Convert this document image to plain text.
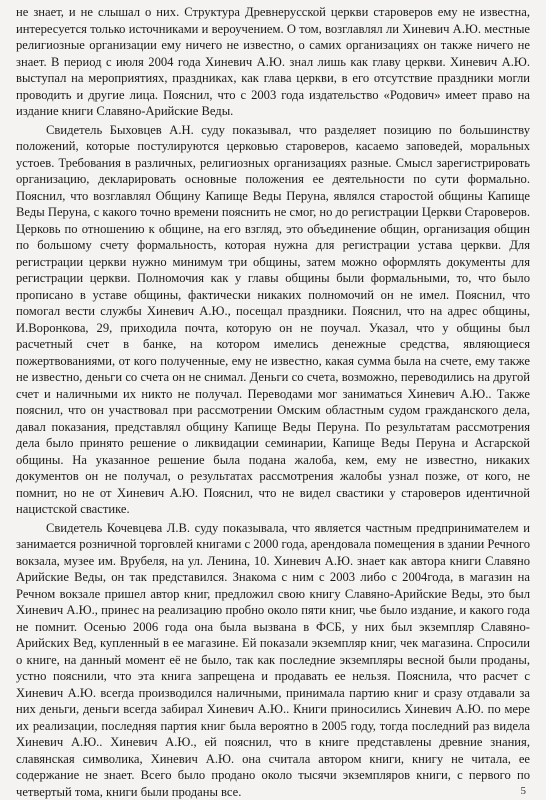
не знает, и не слышал о них. Структура Древнерусской церкви староверов ему не известна, интересуется только источниками и вероучением. О том, возглавлял ли Хиневич А.Ю. местные религиозные организации ему ничего не известно, о самих организациях он также ничего не знает. В период с июля 2004 года Хиневич А.Ю. знал лишь как главу церкви. Хиневич А.Ю. выступал на мероприятиях, праздниках, как глава церкви, в его отсутствие праздники могли проводить и другие лица. Пояснил, что с 2003 года издательство «Родович» имеет право на издание книги Славяно-Арийские Веды.

Свидетель Быховцев А.Н. суду показывал, что разделяет позицию по большинству положений, которые постулируются церковью староверов, касаемо заповедей, моральных устоев. Требования в различных, религиозных организациях разные. Смысл зарегистрировать организацию, декларировать основные положения ее деятельности по сути формально. Пояснил, что возглавлял Общину Капище Веды Перуна, являлся старостой общины Капище Веды Перуна, с какого точно времени пояснить не смог, но до регистрации Церкви Староверов. Церковь по отношению к общине, на его взгляд, это объединение общин, организация общин по большому счету формальность, которая нужна для регистрации устава церкви. Для регистрации церкви нужно минимум три общины, затем можно оформлять документы для регистрации церкви. Полномочия как у главы общины были формальными, то, что было прописано в уставе общины, фактически никаких полномочий он не имел. Пояснил, что помогал вести службы Хиневич А.Ю., посещал праздники. Пояснил, что на адрес общины, И.Воронкова, 29, приходила почта, которую он не поучал. Указал, что у общины был расчетный счет в банке, на котором имелись денежные средства, являющиеся пожертвованиями, от кого полученные, ему не известно, какая сумма была на счете, ему также не известно, деньги со счета он не снимал. Деньги со счета, возможно, переводились на другой счет и наличными их никто не получал. Переводами мог заниматься Хиневич А.Ю.. Также пояснил, что он участвовал при рассмотрении Омским областным судом гражданского дела, давал показания, представлял общину Капище Веды Перуна. По результатам рассмотрения дела было принято решение о ликвидации семинарии, Капище Веды Перуна и Асгарской общины. На указанное решение была подана жалоба, кем, ему не известно, никаких документов он не получал, о результатах рассмотрения жалобы узнал позже, от кого, не помнит, но не от Хиневич А.Ю. Пояснил, что не видел свастики у староверов идентичной нацистской свастике.

Свидетель Кочевцева Л.В. суду показывала, что является частным предпринимателем и занимается розничной торговлей книгами с 2000 года, арендовала помещения в здании Речного вокзала, музее им. Врубеля, на ул. Ленина, 10. Хиневич А.Ю. знает как автора книги Славяно Арийские Веды, он так представился. Знакома с ним с 2003 либо с 2004года, в магазин на Речном вокзале пришел автор книг, предложил свою книгу Славяно-Арийские Веды, это был Хиневич А.Ю., принес на реализацию пробно около пяти книг, чье было издание, и какого года не помнит. Осенью 2006 года она была вызвана в ФСБ, у них был экземпляр Славяно-Арийских Вед, купленный в ее магазине. Ей показали экземпляр книг, чек магазина. Спросили о книге, на данный момент её не было, так как последние экземпляры весной были проданы, устно пояснили, что эта книга запрещена и продавать ее нельзя. Пояснила, что расчет с Хиневич А.Ю. всегда производился наличными, принимала партию книг и сразу отдавали за них деньги, деньги всегда забирал Хиневич А.Ю.. Книги приносились Хиневич А.Ю. по мере их реализации, последняя партия книг была вероятно в 2005 году, тогда последний раз видела Хиневич А.Ю.. Хиневич А.Ю., ей пояснил, что в книге представлены древние знания, славянская символика, Хиневич А.Ю. она считала автором книги, книгу не читала, ее содержание не знает. Всего было продано около тысячи экземпляров книги, с первого по четвертый тома, книги были проданы все.	5
